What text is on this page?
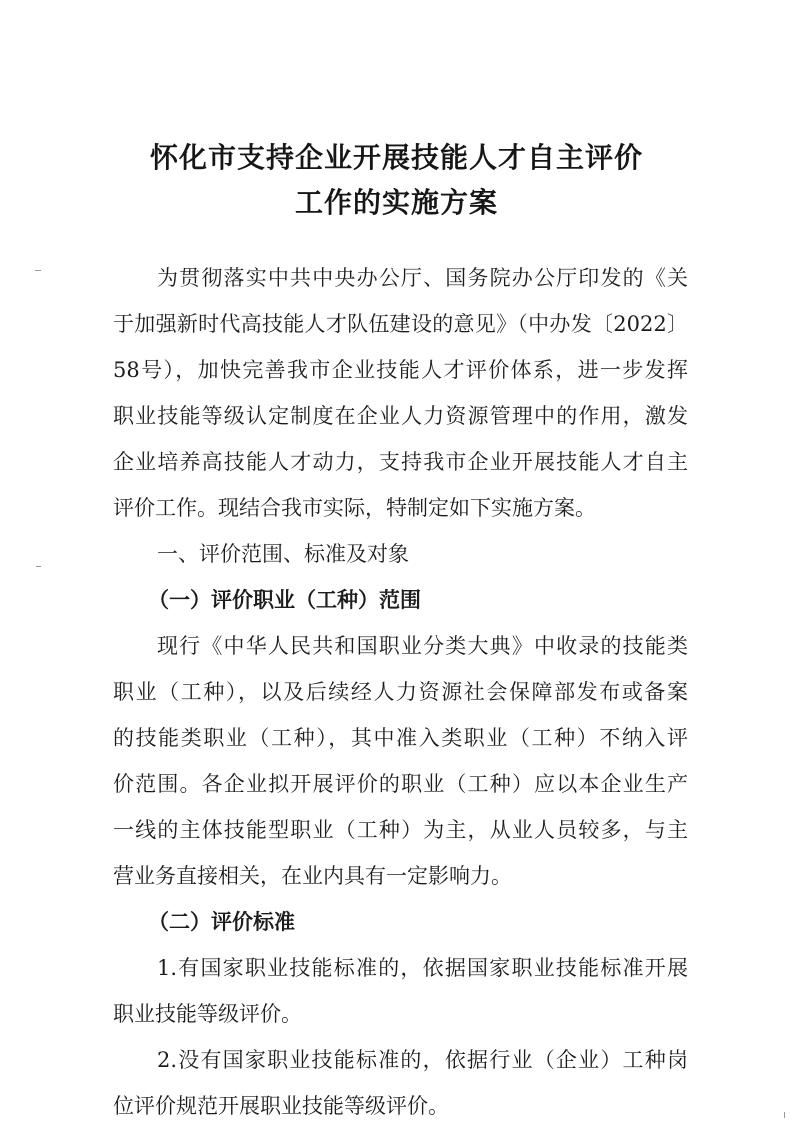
怀化市支持企业开展技能人才自主评价
工作的实施方案
为贯彻落实中共中央办公厅、国务院办公厅印发的《关
于加强新时代高技能人才队伍建设的意见》（中办发〔2022〕
58号），加快完善我市企业技能人才评价体系，进一步发挥
职业技能等级认定制度在企业人力资源管理中的作用，激发
企业培养高技能人才动力，支持我市企业开展技能人才自主
评价工作。现结合我市实际，特制定如下实施方案。
一、评价范围、标准及对象
（一）评价职业（工种）范围
现行《中华人民共和国职业分类大典》中收录的技能类
职业（工种），以及后续经人力资源社会保障部发布或备案
的技能类职业（工种），其中准入类职业（工种）不纳入评
价范围。各企业拟开展评价的职业（工种）应以本企业生产
一线的主体技能型职业（工种）为主，从业人员较多，与主
营业务直接相关，在业内具有一定影响力。
（二）评价标准
1.有国家职业技能标准的，依据国家职业技能标准开展
职业技能等级评价。
2.没有国家职业技能标准的，依据行业（企业）工种岗
位评价规范开展职业技能等级评价。
